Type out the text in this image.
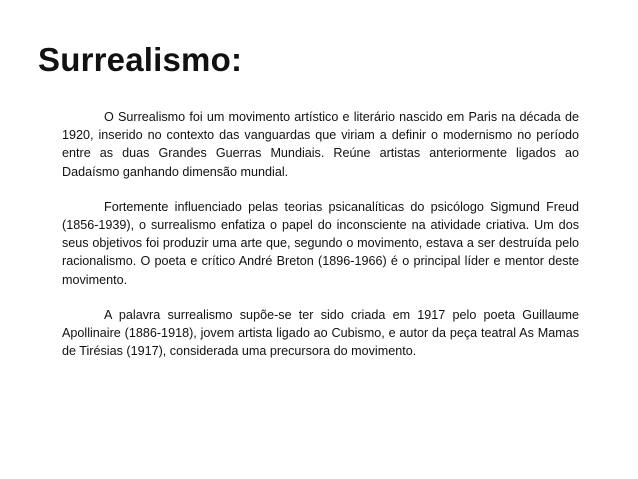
Surrealismo:

O Surrealismo foi um movimento artístico e literário nascido em Paris na década de 1920, inserido no contexto das vanguardas que viriam a definir o modernismo no período entre as duas Grandes Guerras Mundiais. Reúne artistas anteriormente ligados ao Dadaísmo ganhando dimensão mundial.

Fortemente influenciado pelas teorias psicanalíticas do psicólogo Sigmund Freud (1856-1939), o surrealismo enfatiza o papel do inconsciente na atividade criativa. Um dos seus objetivos foi produzir uma arte que, segundo o movimento, estava a ser destruída pelo racionalismo. O poeta e crítico André Breton (1896-1966) é o principal líder e mentor deste movimento.

A palavra surrealismo supõe-se ter sido criada em 1917 pelo poeta Guillaume Apollinaire (1886-1918), jovem artista ligado ao Cubismo, e autor da peça teatral As Mamas de Tirésias (1917), considerada uma precursora do movimento.
